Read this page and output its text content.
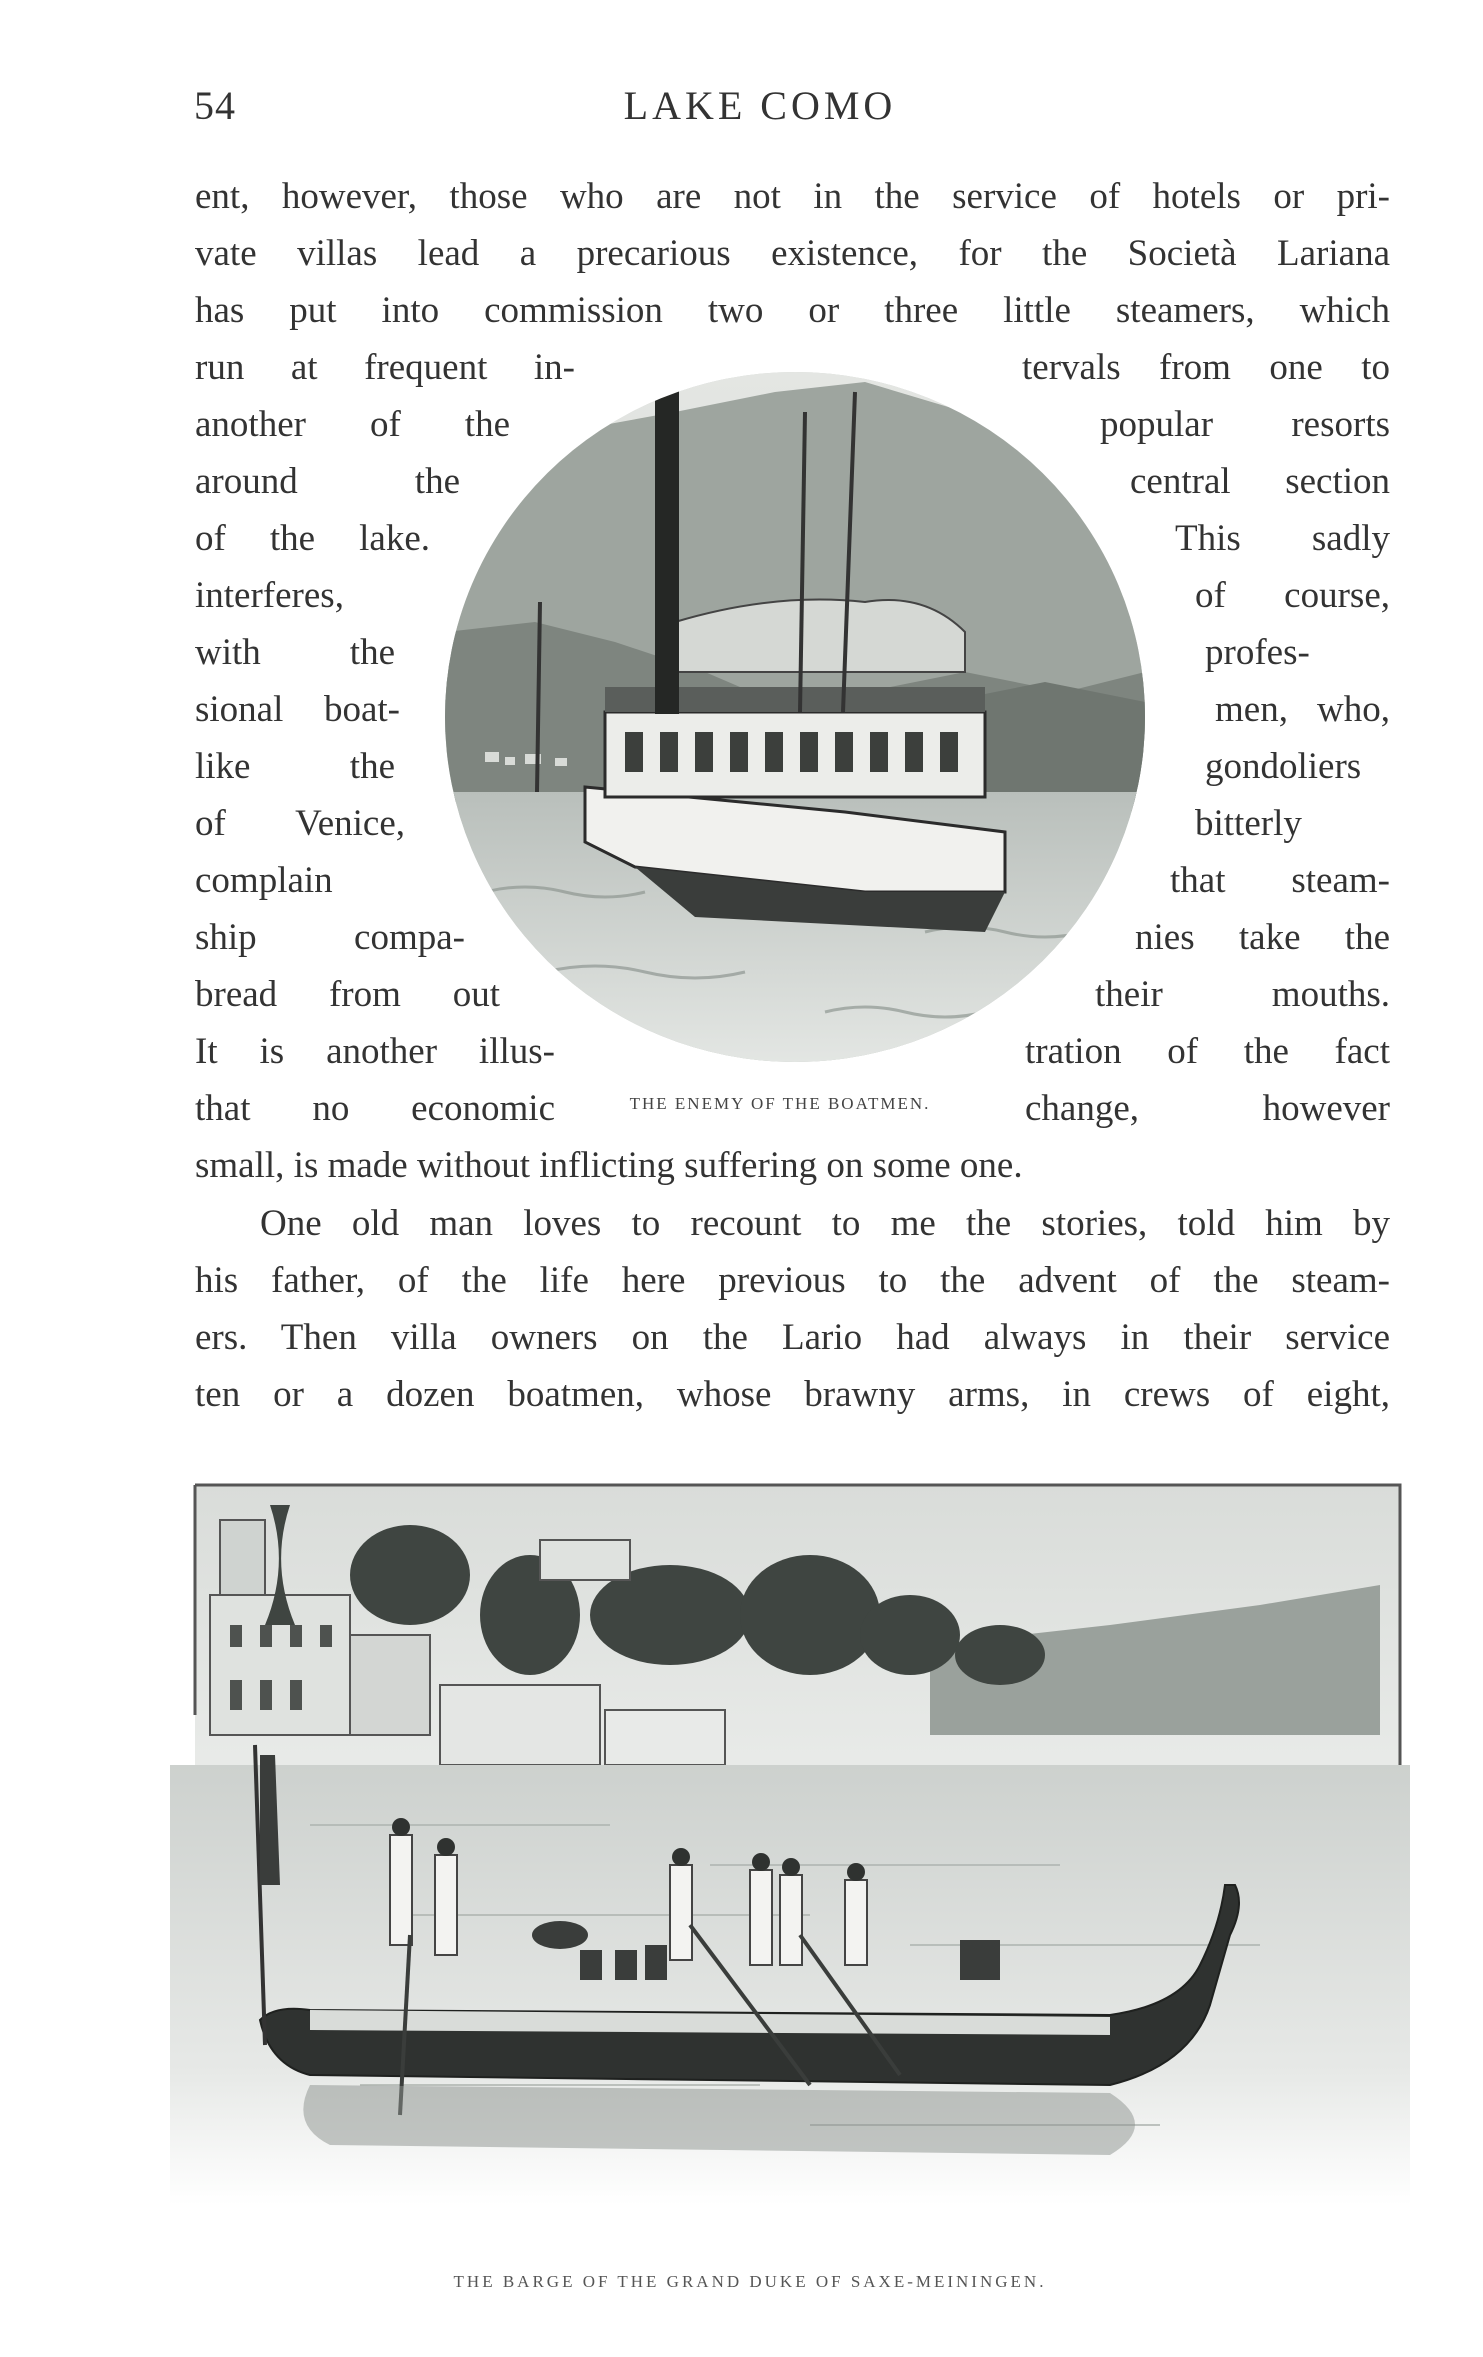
54	LAKE COMO
ent, however, those who are not in the service of hotels or pri-
vate villas lead a precarious existence, for the Società Lariana
has put into commission two or three little steamers, which
run at frequent in-
another of the
around the
of the lake.
interferes,
with the
sional boat-
like the
of Venice,
complain
ship compa-
bread from out
It is another illus-
that no economic
tervals from one to
popular resorts
central section
This sadly
of course,
profes-
men, who,
gondoliers
bitterly
that steam-
nies take the
their mouths.
tration of the fact
change, however
THE ENEMY OF THE BOATMEN.
small, is made without inflicting suffering on some one.
One old man loves to recount to me the stories, told him by
his father, of the life here previous to the advent of the steam-
ers. Then villa owners on the Lario had always in their service
ten or a dozen boatmen, whose brawny arms, in crews of eight,
THE BARGE OF THE GRAND DUKE OF SAXE-MEININGEN.
